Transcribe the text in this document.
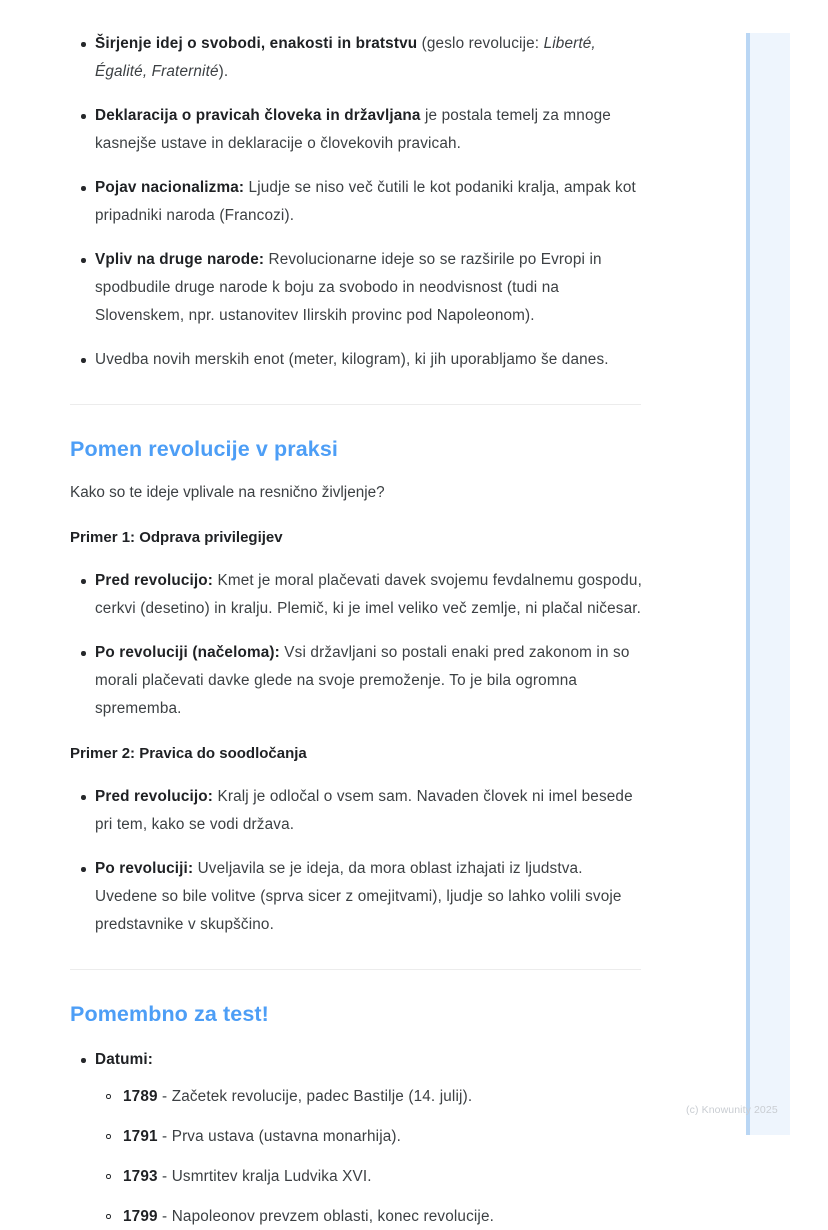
Širjenje idej o svobodi, enakosti in bratstvu (geslo revolucije: Liberté, Égalité, Fraternité).
Deklaracija o pravicah človeka in državljana je postala temelj za mnoge kasnejše ustave in deklaracije o človekovih pravicah.
Pojav nacionalizma: Ljudje se niso več čutili le kot podaniki kralja, ampak kot pripadniki naroda (Francozi).
Vpliv na druge narode: Revolucionarne ideje so se razširile po Evropi in spodbudile druge narode k boju za svobodo in neodvisnost (tudi na Slovenskem, npr. ustanovitev Ilirskih provinc pod Napoleonom).
Uvedba novih merskih enot (meter, kilogram), ki jih uporabljamo še danes.
Pomen revolucije v praksi

Kako so te ideje vplivale na resnično življenje?

Primer 1: Odprava privilegijev
Pred revolucijo: Kmet je moral plačevati davek svojemu fevdalnemu gospodu, cerkvi (desetino) in kralju. Plemič, ki je imel veliko več zemlje, ni plačal ničesar.
Po revoluciji (načeloma): Vsi državljani so postali enaki pred zakonom in so morali plačevati davke glede na svoje premoženje. To je bila ogromna sprememba.
Primer 2: Pravica do soodločanja
Pred revolucijo: Kralj je odločal o vsem sam. Navaden človek ni imel besede pri tem, kako se vodi država.
Po revoluciji: Uveljavila se je ideja, da mora oblast izhajati iz ljudstva. Uvedene so bile volitve (sprva sicer z omejitvami), ljudje so lahko volili svoje predstavnike v skupščino.
Pomembno za test!
Datumi:
1789 - Začetek revolucije, padec Bastilje (14. julij).
1791 - Prva ustava (ustavna monarhija).
1793 - Usmrtitev kralja Ludvika XVI.
1799 - Napoleonov prevzem oblasti, konec revolucije.
(c) Knowunity 2025
